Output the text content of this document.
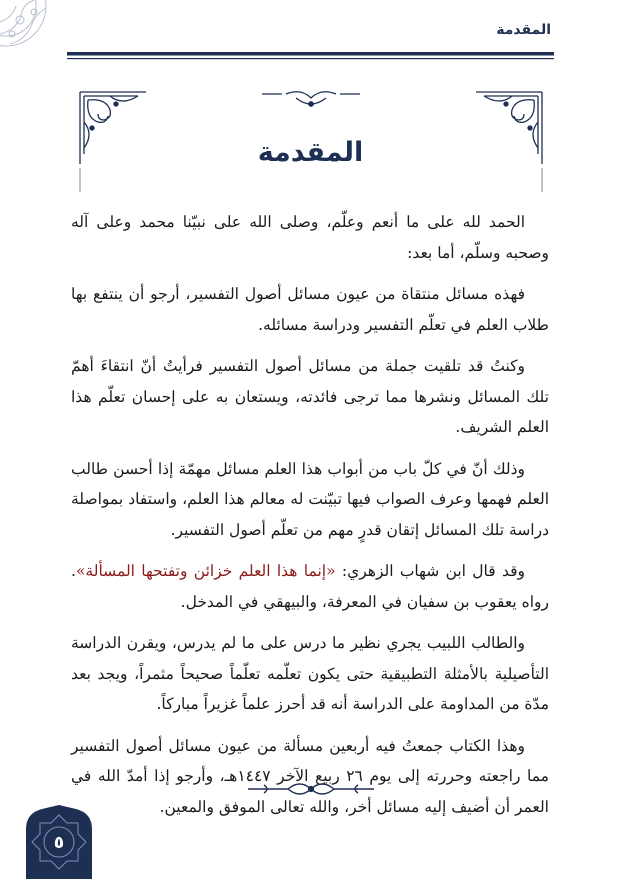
المقدمة
المقدمة

الحمد لله على ما أنعم وعلّم، وصلى الله على نبيّنا محمد وعلى آله وصحبه وسلّم، أما بعد:

فهذه مسائل منتقاة من عيون مسائل أصول التفسير، أرجو أن ينتفع بها طلاب العلم في تعلّم التفسير ودراسة مسائله.

وكنتُ قد تلقيت جملة من مسائل أصول التفسير فرأيتُ أنّ انتقاءَ أهمّ تلك المسائل ونشرها مما ترجى فائدته، ويستعان به على إحسان تعلّم هذا العلم الشريف.

وذلك أنّ في كلّ باب من أبواب هذا العلم مسائل مهمّة إذا أحسن طالب العلم فهمها وعرف الصواب فيها تبيّنت له معالم هذا العلم، واستفاد بمواصلة دراسة تلك المسائل إتقان قدرٍ مهم من تعلّم أصول التفسير.

وقد قال ابن شهاب الزهري: «إنما هذا العلم خزائن وتفتحها المسألة». رواه يعقوب بن سفيان في المعرفة، والبيهقي في المدخل.

والطالب اللبيب يجري نظير ما درس على ما لم يدرس، ويقرن الدراسة التأصيلية بالأمثلة التطبيقية حتى يكون تعلّمه تعلّماً صحيحاً مثمراً، ويجد بعد مدّة من المداومة على الدراسة أنه قد أحرز علماً غزيراً مباركاً.

وهذا الكتاب جمعتُ فيه أربعين مسألة من عيون مسائل أصول التفسير مما راجعته وحررته إلى يوم ٢٦ ربيع الآخر ١٤٤٧هـ، وأرجو إذا أمدّ الله في العمر أن أضيف إليه مسائل أخر، والله تعالى الموفق والمعين.

٥
